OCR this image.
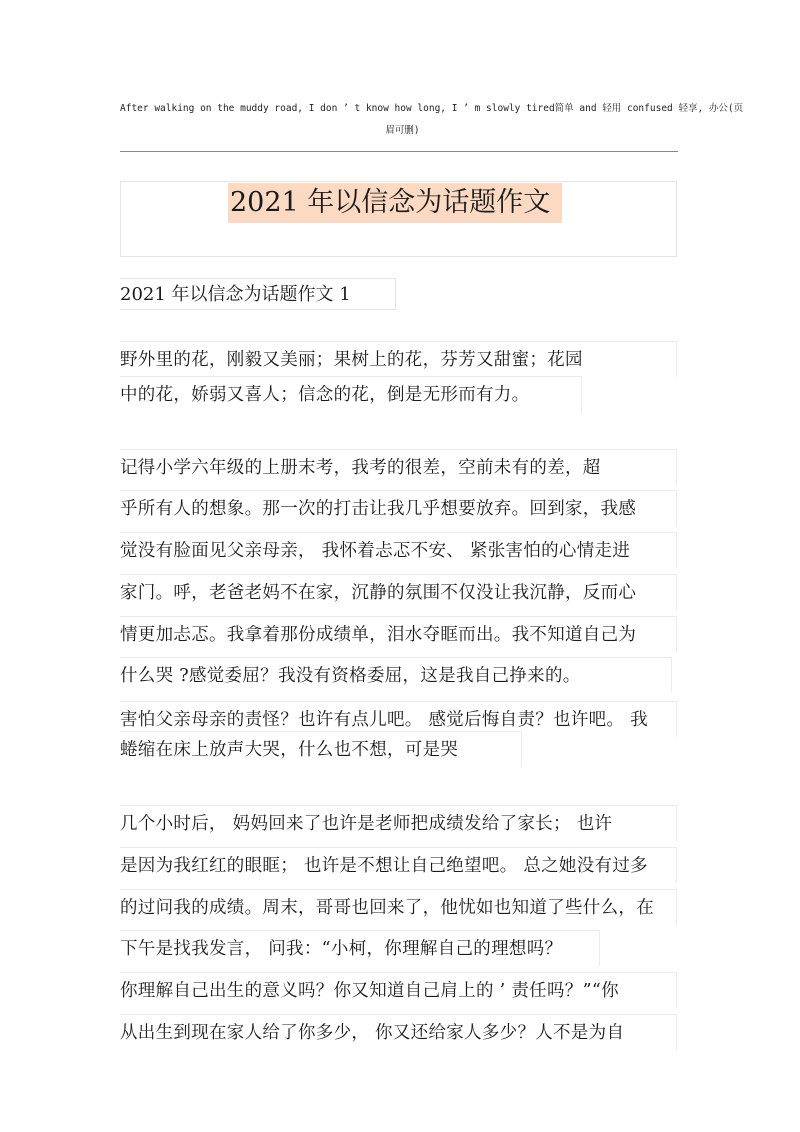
After walking on the muddy road, I don ’ t know how long, I ’ m slowly tired简单 and 轻用 confused 轻享, 办公(页
眉可删)
2021 年以信念为话题作文
2021 年以信念为话题作文 1
野外里的花，刚毅又美丽；果树上的花，芬芳又甜蜜；花园
中的花，娇弱又喜人；信念的花，倒是无形而有力。
记得小学六年级的上册末考，我考的很差，空前未有的差，超
乎所有人的想象。那一次的打击让我几乎想要放弃。回到家，我感
觉没有脸面见父亲母亲， 我怀着忐忑不安、 紧张害怕的心情走进
家门。呼，老爸老妈不在家，沉静的氛围不仅没让我沉静，反而心
情更加忐忑。我拿着那份成绩单，泪水夺眶而出。我不知道自己为
什么哭 ?感觉委屈？我没有资格委屈，这是我自己挣来的。
害怕父亲母亲的责怪？也许有点儿吧。 感觉后悔自责？也许吧。 我
蜷缩在床上放声大哭，什么也不想，可是哭
几个小时后， 妈妈回来了也许是老师把成绩发给了家长； 也许
是因为我红红的眼眶； 也许是不想让自己绝望吧。 总之她没有过多
的过问我的成绩。周末，哥哥也回来了，他忧如也知道了些什么，在
下午是找我发言， 问我：“小柯，你理解自己的理想吗？
你理解自己出生的意义吗？你又知道自己肩上的 ’ 责任吗？”“你
从出生到现在家人给了你多少， 你又还给家人多少？人不是为自
